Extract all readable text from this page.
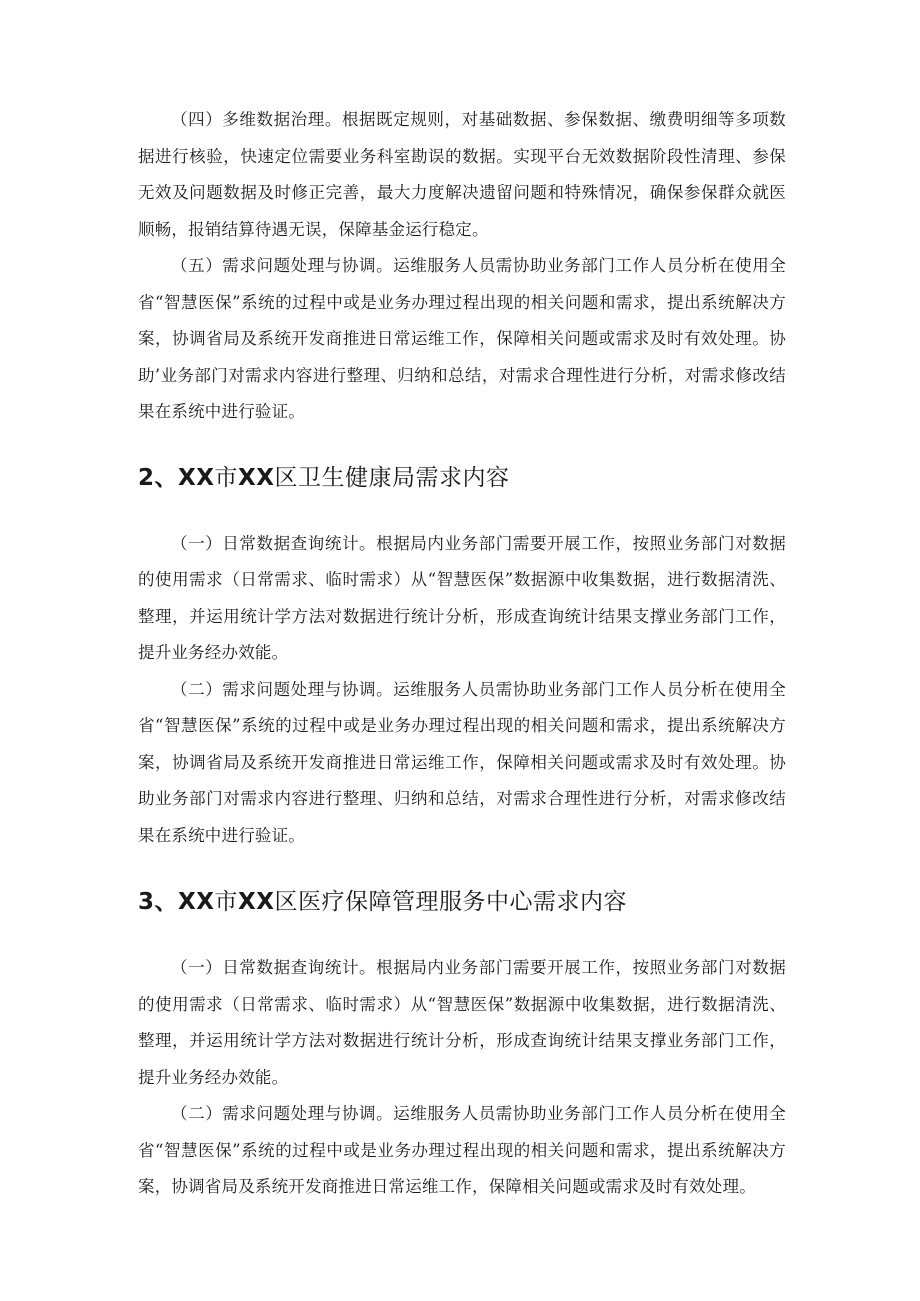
（四）多维数据治理。根据既定规则，对基础数据、参保数据、缴费明细等多项数据进行核验，快速定位需要业务科室勘误的数据。实现平台无效数据阶段性清理、参保无效及问题数据及时修正完善，最大力度解决遗留问题和特殊情况，确保参保群众就医顺畅，报销结算待遇无误，保障基金运行稳定。

（五）需求问题处理与协调。运维服务人员需协助业务部门工作人员分析在使用全省“智慧医保”系统的过程中或是业务办理过程出现的相关问题和需求，提出系统解决方案，协调省局及系统开发商推进日常运维工作，保障相关问题或需求及时有效处理。协助’业务部门对需求内容进行整理、归纳和总结，对需求合理性进行分析，对需求修改结果在系统中进行验证。

2、XX市XX区卫生健康局需求内容

（一）日常数据查询统计。根据局内业务部门需要开展工作，按照业务部门对数据的使用需求（日常需求、临时需求）从“智慧医保”数据源中收集数据，进行数据清洗、整理，并运用统计学方法对数据进行统计分析，形成查询统计结果支撑业务部门工作，提升业务经办效能。

（二）需求问题处理与协调。运维服务人员需协助业务部门工作人员分析在使用全省“智慧医保”系统的过程中或是业务办理过程出现的相关问题和需求，提出系统解决方案，协调省局及系统开发商推进日常运维工作，保障相关问题或需求及时有效处理。协助业务部门对需求内容进行整理、归纳和总结，对需求合理性进行分析，对需求修改结果在系统中进行验证。

3、XX市XX区医疗保障管理服务中心需求内容

（一）日常数据查询统计。根据局内业务部门需要开展工作，按照业务部门对数据的使用需求（日常需求、临时需求）从“智慧医保”数据源中收集数据，进行数据清洗、整理，并运用统计学方法对数据进行统计分析，形成查询统计结果支撑业务部门工作，提升业务经办效能。

（二）需求问题处理与协调。运维服务人员需协助业务部门工作人员分析在使用全省“智慧医保”系统的过程中或是业务办理过程出现的相关问题和需求，提出系统解决方案，协调省局及系统开发商推进日常运维工作，保障相关问题或需求及时有效处理。
